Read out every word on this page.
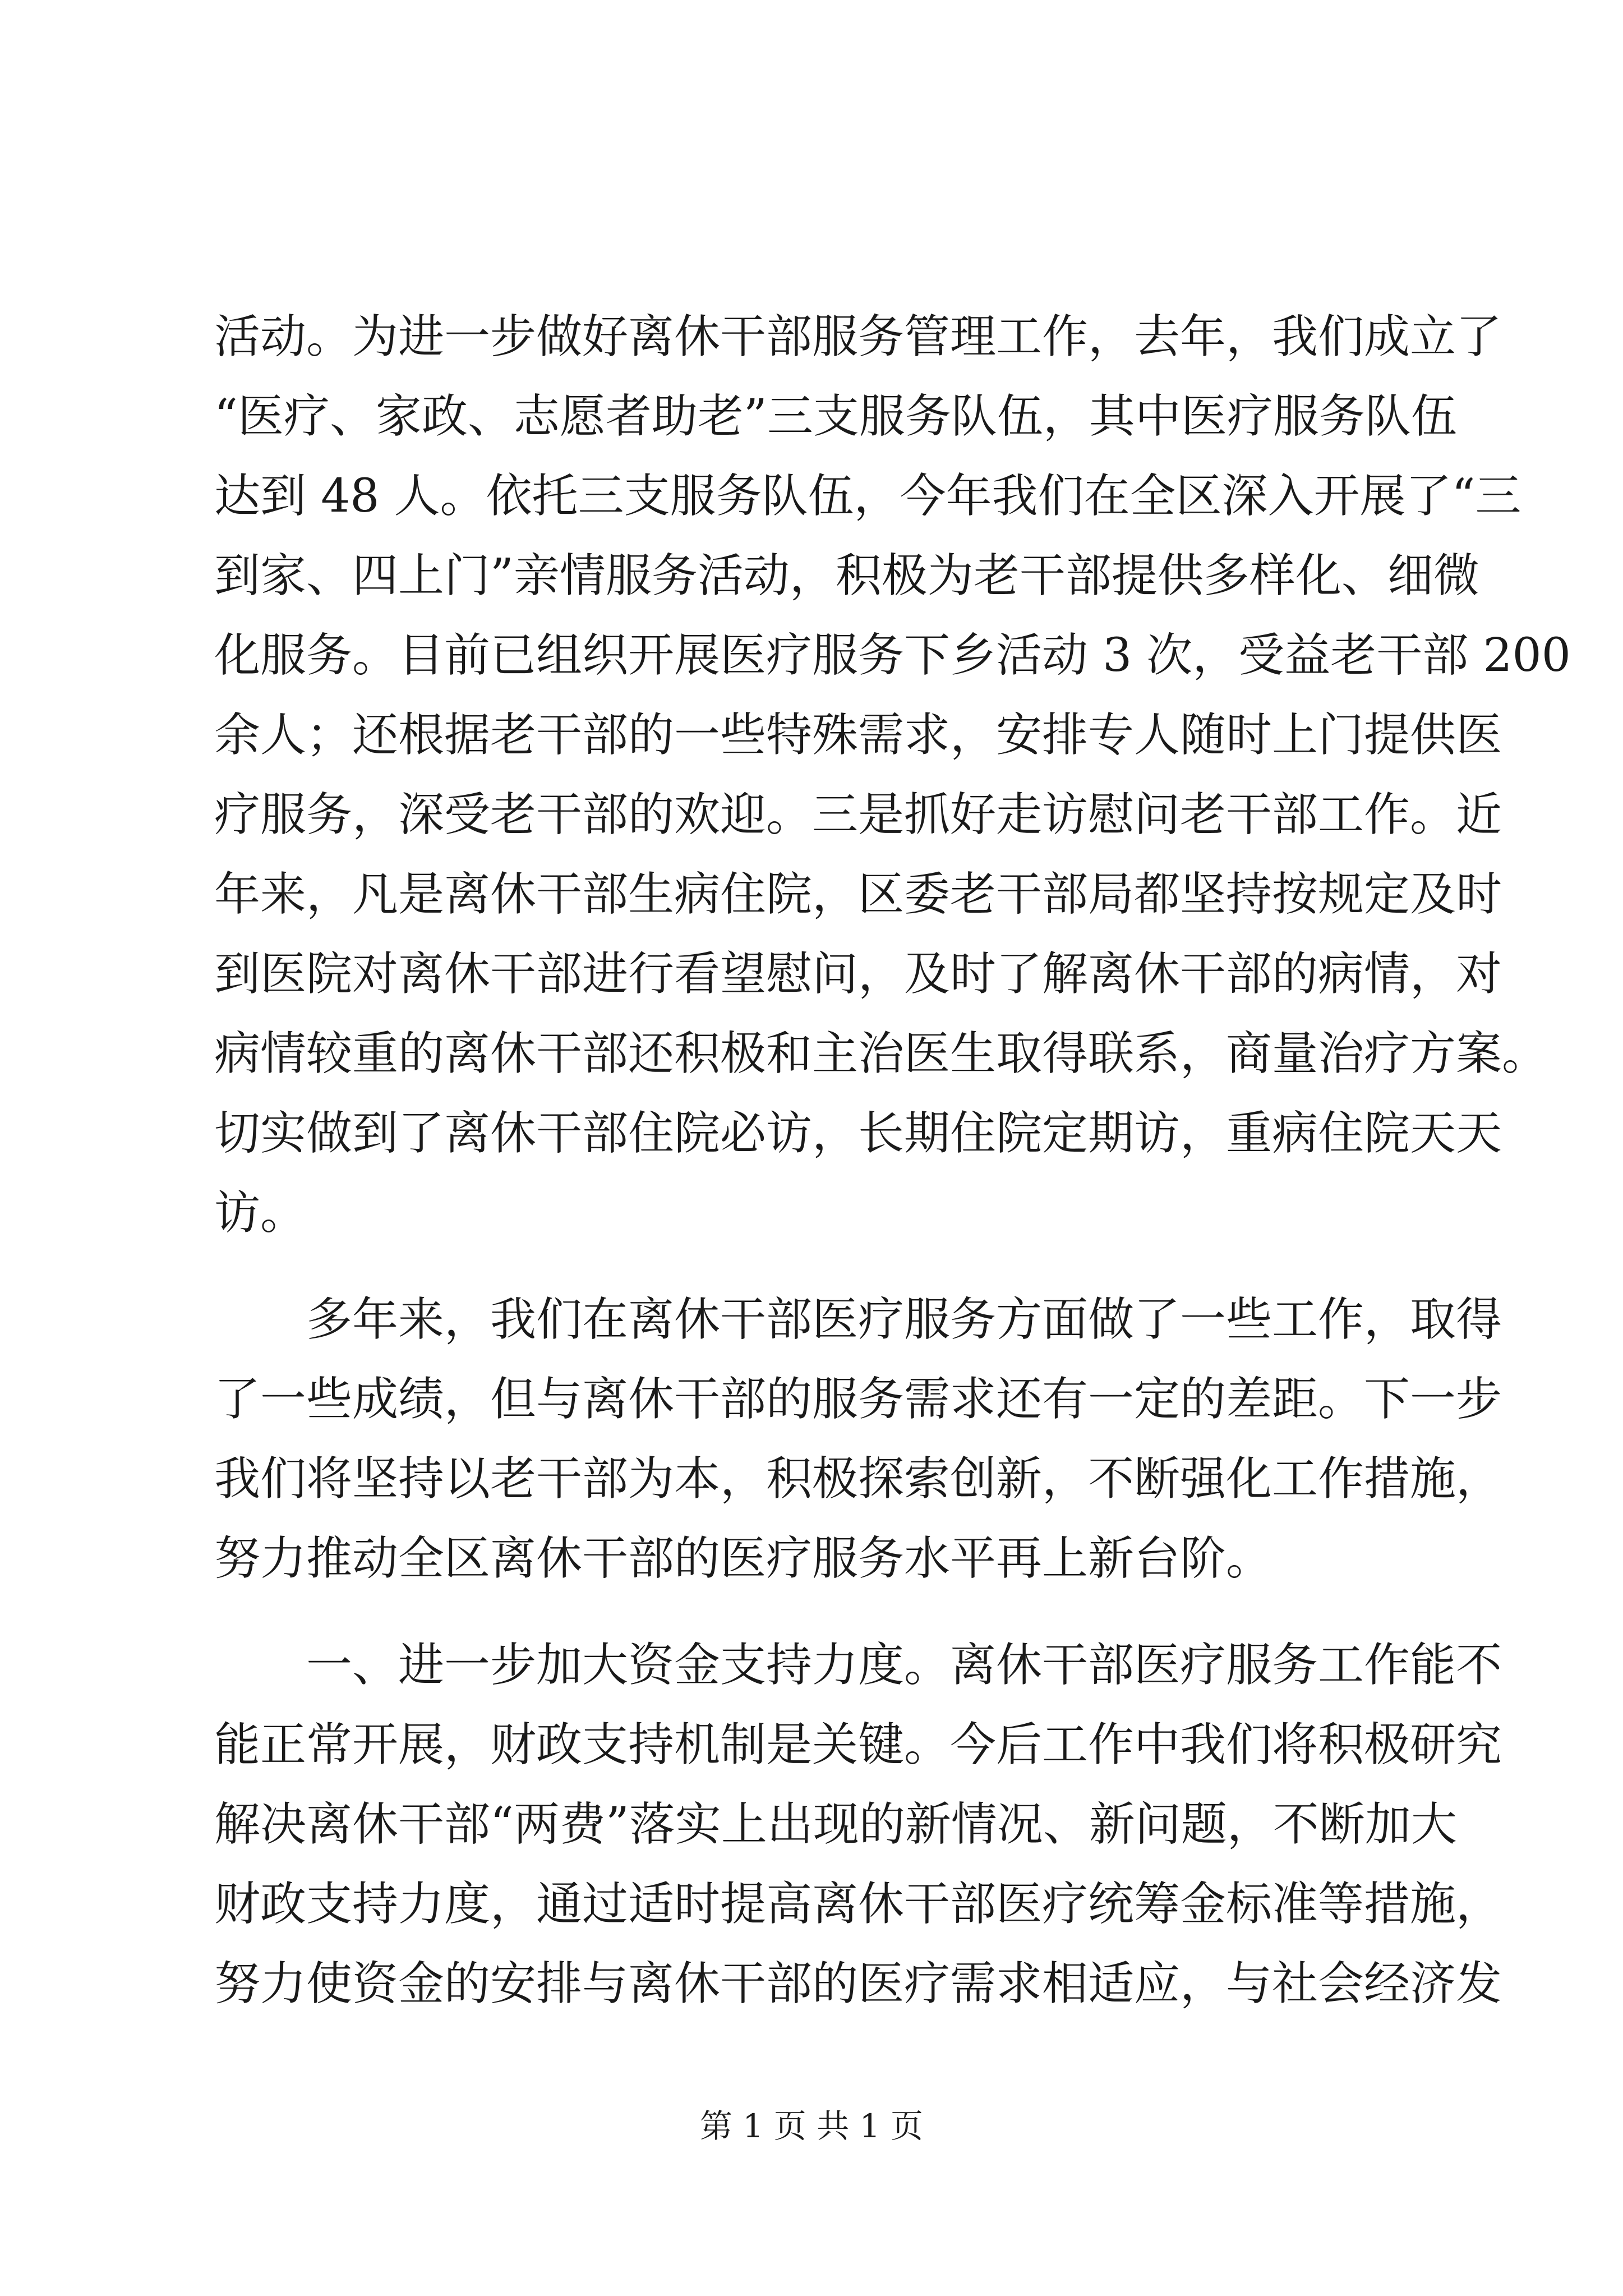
活动。为进一步做好离休干部服务管理工作，去年，我们成立了
“医疗、家政、志愿者助老”三支服务队伍，其中医疗服务队伍
达到 48 人。依托三支服务队伍，今年我们在全区深入开展了“三
到家、四上门”亲情服务活动，积极为老干部提供多样化、细微
化服务。目前已组织开展医疗服务下乡活动 3 次，受益老干部 200
余人；还根据老干部的一些特殊需求，安排专人随时上门提供医
疗服务，深受老干部的欢迎。三是抓好走访慰问老干部工作。近
年来，凡是离休干部生病住院，区委老干部局都坚持按规定及时
到医院对离休干部进行看望慰问，及时了解离休干部的病情，对
病情较重的离休干部还积极和主治医生取得联系，商量治疗方案。
切实做到了离休干部住院必访，长期住院定期访，重病住院天天
访。
　　多年来，我们在离休干部医疗服务方面做了一些工作，取得
了一些成绩，但与离休干部的服务需求还有一定的差距。下一步
我们将坚持以老干部为本，积极探索创新，不断强化工作措施，
努力推动全区离休干部的医疗服务水平再上新台阶。
　　一、进一步加大资金支持力度。离休干部医疗服务工作能不
能正常开展，财政支持机制是关键。今后工作中我们将积极研究
解决离休干部“两费”落实上出现的新情况、新问题，不断加大
财政支持力度，通过适时提高离休干部医疗统筹金标准等措施，
努力使资金的安排与离休干部的医疗需求相适应，与社会经济发
第 1 页 共 1 页
